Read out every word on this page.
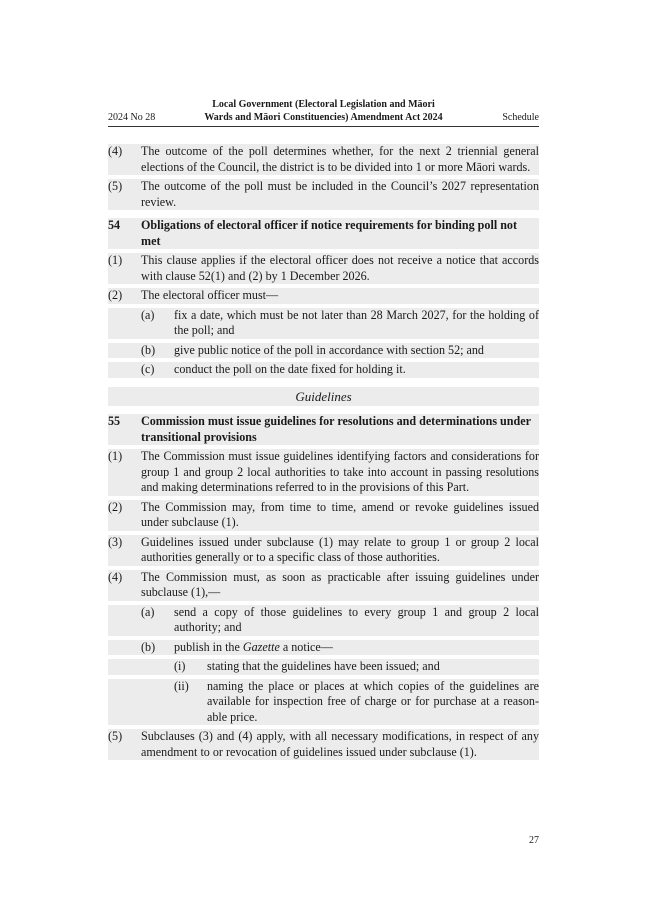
2024 No 28
Local Government (Electoral Legislation and Māori
Wards and Māori Constituencies) Amendment Act 2024	Schedule
(4) The outcome of the poll determines whether, for the next 2 triennial general elections of the Council, the district is to be divided into 1 or more Māori wards.
(5) The outcome of the poll must be included in the Council’s 2027 representation review.
54 Obligations of electoral officer if notice requirements for binding poll not met
(1) This clause applies if the electoral officer does not receive a notice that accords with clause 52(1) and (2) by 1 December 2026.
(2) The electoral officer must—
(a) fix a date, which must be not later than 28 March 2027, for the holding of the poll; and
(b) give public notice of the poll in accordance with section 52; and
(c) conduct the poll on the date fixed for holding it.
Guidelines
55 Commission must issue guidelines for resolutions and determinations under transitional provisions
(1) The Commission must issue guidelines identifying factors and considerations for group 1 and group 2 local authorities to take into account in passing resolutions and making determinations referred to in the provisions of this Part.
(2) The Commission may, from time to time, amend or revoke guidelines issued under subclause (1).
(3) Guidelines issued under subclause (1) may relate to group 1 or group 2 local authorities generally or to a specific class of those authorities.
(4) The Commission must, as soon as practicable after issuing guidelines under subclause (1),—
(a) send a copy of those guidelines to every group 1 and group 2 local authority; and
(b) publish in the Gazette a notice—
(i) stating that the guidelines have been issued; and
(ii) naming the place or places at which copies of the guidelines are available for inspection free of charge or for purchase at a reasonable price.
(5) Subclauses (3) and (4) apply, with all necessary modifications, in respect of any amendment to or revocation of guidelines issued under subclause (1).
27
